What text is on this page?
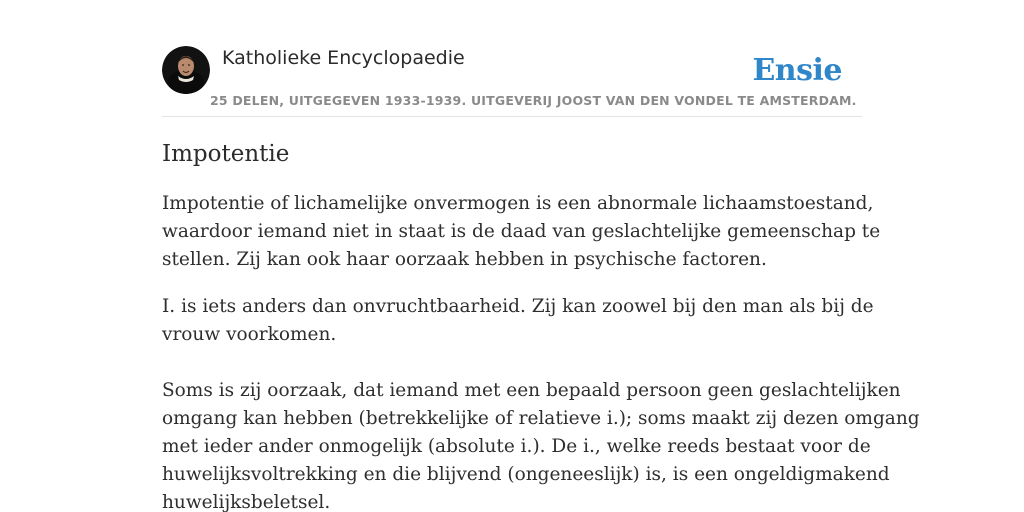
Katholieke Encyclopaedie
25 DELEN, UITGEGEVEN 1933-1939. UITGEVERIJ JOOST VAN DEN VONDEL TE AMSTERDAM.
Ensie
Impotentie

Impotentie of lichamelijke onvermogen is een abnormale lichaamstoestand,
waardoor iemand niet in staat is de daad van geslachtelijke gemeenschap te
stellen. Zij kan ook haar oorzaak hebben in psychische factoren.

I. is iets anders dan onvruchtbaarheid. Zij kan zoowel bij den man als bij de
vrouw voorkomen.

Soms is zij oorzaak, dat iemand met een bepaald persoon geen geslachtelijken
omgang kan hebben (betrekkelijke of relatieve i.); soms maakt zij dezen omgang
met ieder ander onmogelijk (absolute i.). De i., welke reeds bestaat voor de
huwelijksvoltrekking en die blijvend (ongeneeslijk) is, is een ongeldigmakend
huwelijksbeletsel.
